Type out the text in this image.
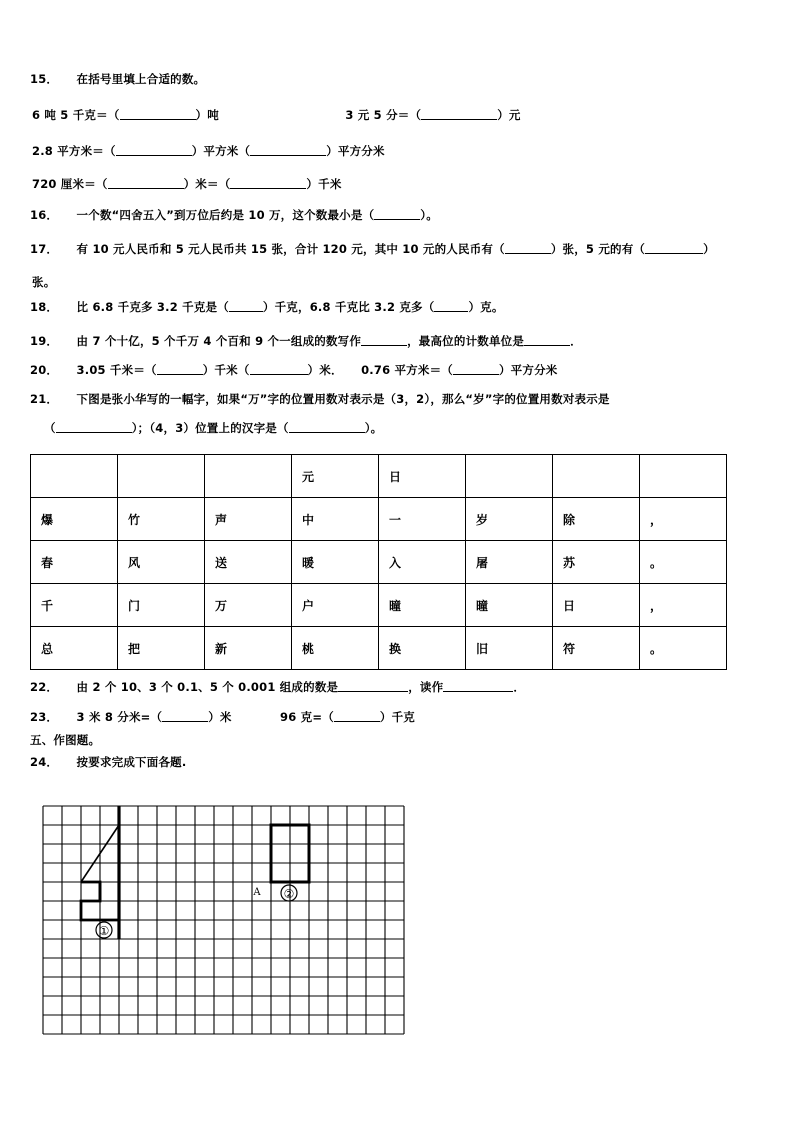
15． 在括号里填上合适的数。
6 吨 5 千克＝（	）吨	3 元 5 分＝（	）元
2.8 平方米＝（	）平方米（	）平方分米
720 厘米＝（	）米＝（	）千米
16． 一个数“四舍五入”到万位后约是 10 万，这个数最小是（	）。
17． 有 10 元人民币和 5 元人民币共 15 张，合计 120 元，其中 10 元的人民币有（	）张，5 元的有（	）
张。
18． 比 6.8 千克多 3.2 千克是（	）千克，6.8 千克比 3.2 克多（	）克。
19． 由 7 个十亿，5 个千万 4 个百和 9 个一组成的数写作	，最高位的计数单位是	．
20． 3.05 千米＝（	）千米（	）米． 0.76 平方米＝（	）平方分米
21． 下图是张小华写的一幅字，如果“万”字的位置用数对表示是（3，2），那么“岁”字的位置用数对表示是
（	）；（4，3）位置上的汉字是（	）。
			元	日			
爆	竹	声	中	一	岁	除	，
春	风	送	暖	入	屠	苏	。
千	门	万	户	曈	曈	日	，
总	把	新	桃	换	旧	符	。
22． 由 2 个 10、3 个 0.1、5 个 0.001 组成的数是	，读作	．
23． 3 米 8 分米=（	）米	96 克=（	）千克
五、作图题。
24． 按要求完成下面各题.
①
A ②
